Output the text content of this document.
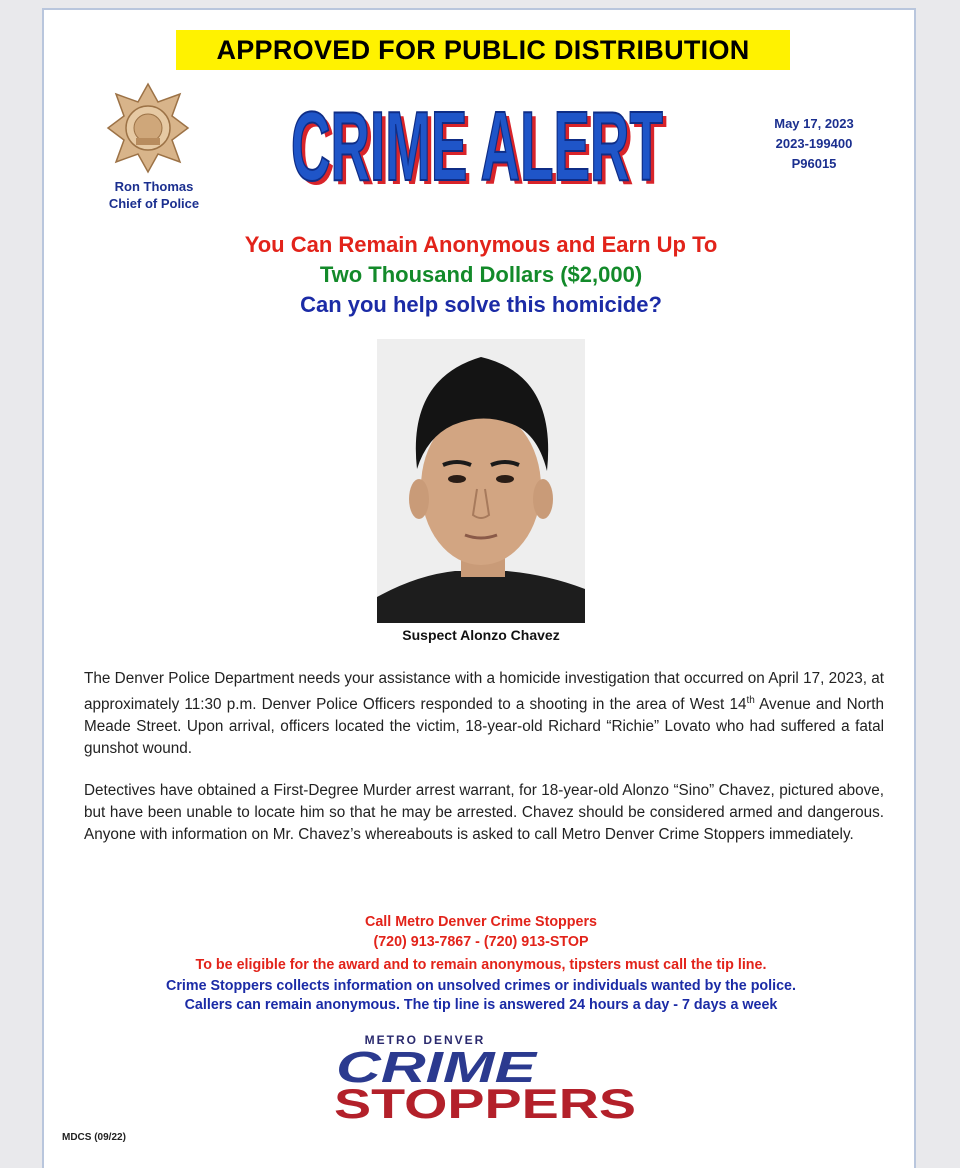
APPROVED FOR PUBLIC DISTRIBUTION
Ron Thomas
Chief of Police CRIME ALERT
CRIME ALERT	May 17, 2023
2023-199400
P96015
You Can Remain Anonymous and Earn Up To
Two Thousand Dollars ($2,000)
Can you help solve this homicide?
Suspect Alonzo Chavez
The Denver Police Department needs your assistance with a homicide investigation that occurred on April 17, 2023, at approximately 11:30 p.m. Denver Police Officers responded to a shooting in the area of West 14th Avenue and North Meade Street. Upon arrival, officers located the victim, 18-year-old Richard “Richie” Lovato who had suffered a fatal gunshot wound.
Detectives have obtained a First-Degree Murder arrest warrant, for 18-year-old Alonzo “Sino” Chavez, pictured above, but have been unable to locate him so that he may be arrested. Chavez should be considered armed and dangerous. Anyone with information on Mr. Chavez’s whereabouts is asked to call Metro Denver Crime Stoppers immediately.
Call Metro Denver Crime Stoppers
(720) 913-7867 - (720) 913-STOP
To be eligible for the award and to remain anonymous, tipsters must call the tip line.
Crime Stoppers collects information on unsolved crimes or individuals wanted by the police.
Callers can remain anonymous. The tip line is answered 24 hours a day - 7 days a week
METRO DENVER
CRIME
STOPPERS
MDCS (09/22)
